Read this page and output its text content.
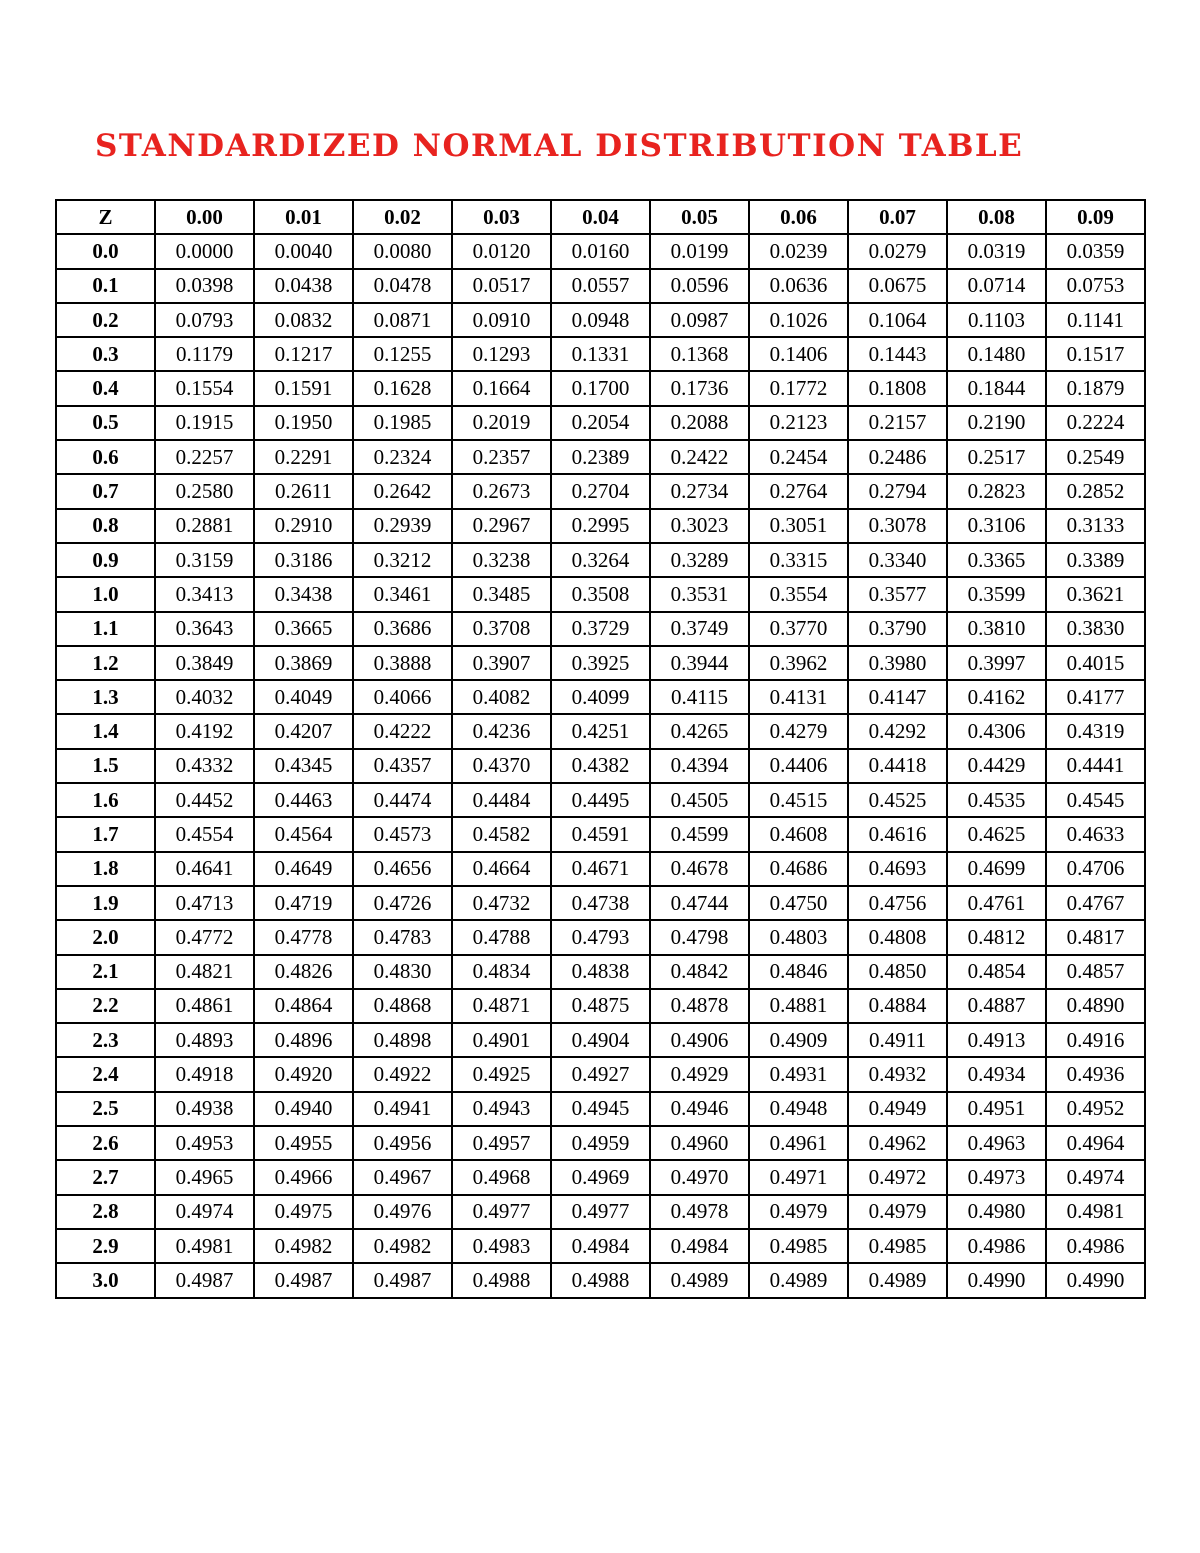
STANDARDIZED NORMAL DISTRIBUTION TABLE
Z	0.00	0.01	0.02	0.03	0.04	0.05	0.06	0.07	0.08	0.09
0.0	0.0000	0.0040	0.0080	0.0120	0.0160	0.0199	0.0239	0.0279	0.0319	0.0359
0.1	0.0398	0.0438	0.0478	0.0517	0.0557	0.0596	0.0636	0.0675	0.0714	0.0753
0.2	0.0793	0.0832	0.0871	0.0910	0.0948	0.0987	0.1026	0.1064	0.1103	0.1141
0.3	0.1179	0.1217	0.1255	0.1293	0.1331	0.1368	0.1406	0.1443	0.1480	0.1517
0.4	0.1554	0.1591	0.1628	0.1664	0.1700	0.1736	0.1772	0.1808	0.1844	0.1879
0.5	0.1915	0.1950	0.1985	0.2019	0.2054	0.2088	0.2123	0.2157	0.2190	0.2224
0.6	0.2257	0.2291	0.2324	0.2357	0.2389	0.2422	0.2454	0.2486	0.2517	0.2549
0.7	0.2580	0.2611	0.2642	0.2673	0.2704	0.2734	0.2764	0.2794	0.2823	0.2852
0.8	0.2881	0.2910	0.2939	0.2967	0.2995	0.3023	0.3051	0.3078	0.3106	0.3133
0.9	0.3159	0.3186	0.3212	0.3238	0.3264	0.3289	0.3315	0.3340	0.3365	0.3389
1.0	0.3413	0.3438	0.3461	0.3485	0.3508	0.3531	0.3554	0.3577	0.3599	0.3621
1.1	0.3643	0.3665	0.3686	0.3708	0.3729	0.3749	0.3770	0.3790	0.3810	0.3830
1.2	0.3849	0.3869	0.3888	0.3907	0.3925	0.3944	0.3962	0.3980	0.3997	0.4015
1.3	0.4032	0.4049	0.4066	0.4082	0.4099	0.4115	0.4131	0.4147	0.4162	0.4177
1.4	0.4192	0.4207	0.4222	0.4236	0.4251	0.4265	0.4279	0.4292	0.4306	0.4319
1.5	0.4332	0.4345	0.4357	0.4370	0.4382	0.4394	0.4406	0.4418	0.4429	0.4441
1.6	0.4452	0.4463	0.4474	0.4484	0.4495	0.4505	0.4515	0.4525	0.4535	0.4545
1.7	0.4554	0.4564	0.4573	0.4582	0.4591	0.4599	0.4608	0.4616	0.4625	0.4633
1.8	0.4641	0.4649	0.4656	0.4664	0.4671	0.4678	0.4686	0.4693	0.4699	0.4706
1.9	0.4713	0.4719	0.4726	0.4732	0.4738	0.4744	0.4750	0.4756	0.4761	0.4767
2.0	0.4772	0.4778	0.4783	0.4788	0.4793	0.4798	0.4803	0.4808	0.4812	0.4817
2.1	0.4821	0.4826	0.4830	0.4834	0.4838	0.4842	0.4846	0.4850	0.4854	0.4857
2.2	0.4861	0.4864	0.4868	0.4871	0.4875	0.4878	0.4881	0.4884	0.4887	0.4890
2.3	0.4893	0.4896	0.4898	0.4901	0.4904	0.4906	0.4909	0.4911	0.4913	0.4916
2.4	0.4918	0.4920	0.4922	0.4925	0.4927	0.4929	0.4931	0.4932	0.4934	0.4936
2.5	0.4938	0.4940	0.4941	0.4943	0.4945	0.4946	0.4948	0.4949	0.4951	0.4952
2.6	0.4953	0.4955	0.4956	0.4957	0.4959	0.4960	0.4961	0.4962	0.4963	0.4964
2.7	0.4965	0.4966	0.4967	0.4968	0.4969	0.4970	0.4971	0.4972	0.4973	0.4974
2.8	0.4974	0.4975	0.4976	0.4977	0.4977	0.4978	0.4979	0.4979	0.4980	0.4981
2.9	0.4981	0.4982	0.4982	0.4983	0.4984	0.4984	0.4985	0.4985	0.4986	0.4986
3.0	0.4987	0.4987	0.4987	0.4988	0.4988	0.4989	0.4989	0.4989	0.4990	0.4990
